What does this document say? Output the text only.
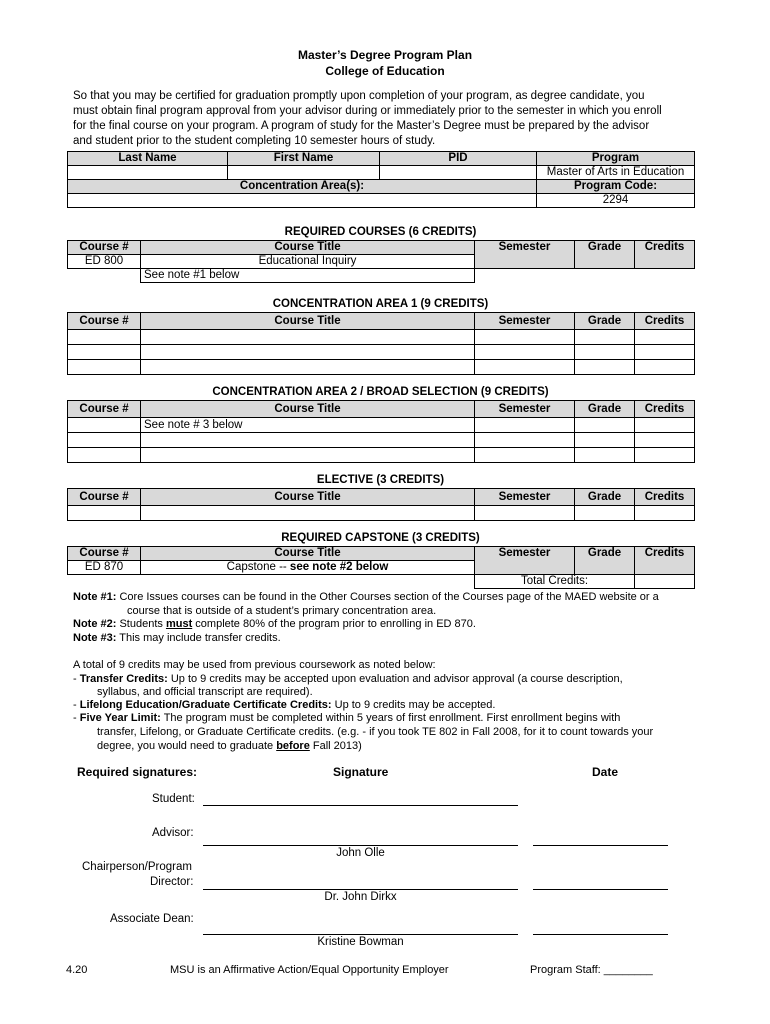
Master’s Degree Program Plan
College of Education
So that you may be certified for graduation promptly upon completion of your program, as degree candidate, you
must obtain final program approval from your advisor during or immediately prior to the semester in which you enroll
for the final course on your program. A program of study for the Master’s Degree must be prepared by the advisor
and student prior to the student completing 10 semester hours of study.
Last Name	First Name	PID	Program
			Master of Arts in Education
Concentration Area(s):			Program Code:
			2294
REQUIRED COURSES (6 CREDITS)
Course #	Course Title	Semester	Grade	Credits
ED 800	Educational Inquiry			
	See note #1 below			
CONCENTRATION AREA 1 (9 CREDITS)
Course #	Course Title	Semester	Grade	Credits

CONCENTRATION AREA 2 / BROAD SELECTION (9 CREDITS)
Course #	Course Title	Semester	Grade	Credits
	See note # 3 below			

ELECTIVE (3 CREDITS)
Course #	Course Title	Semester	Grade	Credits

REQUIRED CAPSTONE (3 CREDITS)
Course #	Course Title	Semester	Grade	Credits
ED 870	Capstone -- see note #2 below			
		Total Credits:		
Note #1: Core Issues courses can be found in the Other Courses section of the Courses page of the MAED website or a
course that is outside of a student’s primary concentration area.
Note #2: Students must complete 80% of the program prior to enrolling in ED 870.
Note #3: This may include transfer credits.
A total of 9 credits may be used from previous coursework as noted below:
- Transfer Credits: Up to 9 credits may be accepted upon evaluation and advisor approval (a course description,
syllabus, and official transcript are required).
- Lifelong Education/Graduate Certificate Credits: Up to 9 credits may be accepted.
- Five Year Limit: The program must be completed within 5 years of first enrollment. First enrollment begins with
transfer, Lifelong, or Graduate Certificate credits. (e.g. - if you took TE 802 in Fall 2008, for it to count towards your
degree, you would need to graduate before Fall 2013)
Required signatures:	Signature	Date
Student:
Advisor:
John Olle
Chairperson/Program
Director:
Dr. John Dirkx
Associate Dean:
Kristine Bowman
4.20	MSU is an Affirmative Action/Equal Opportunity Employer	Program Staff: ________
